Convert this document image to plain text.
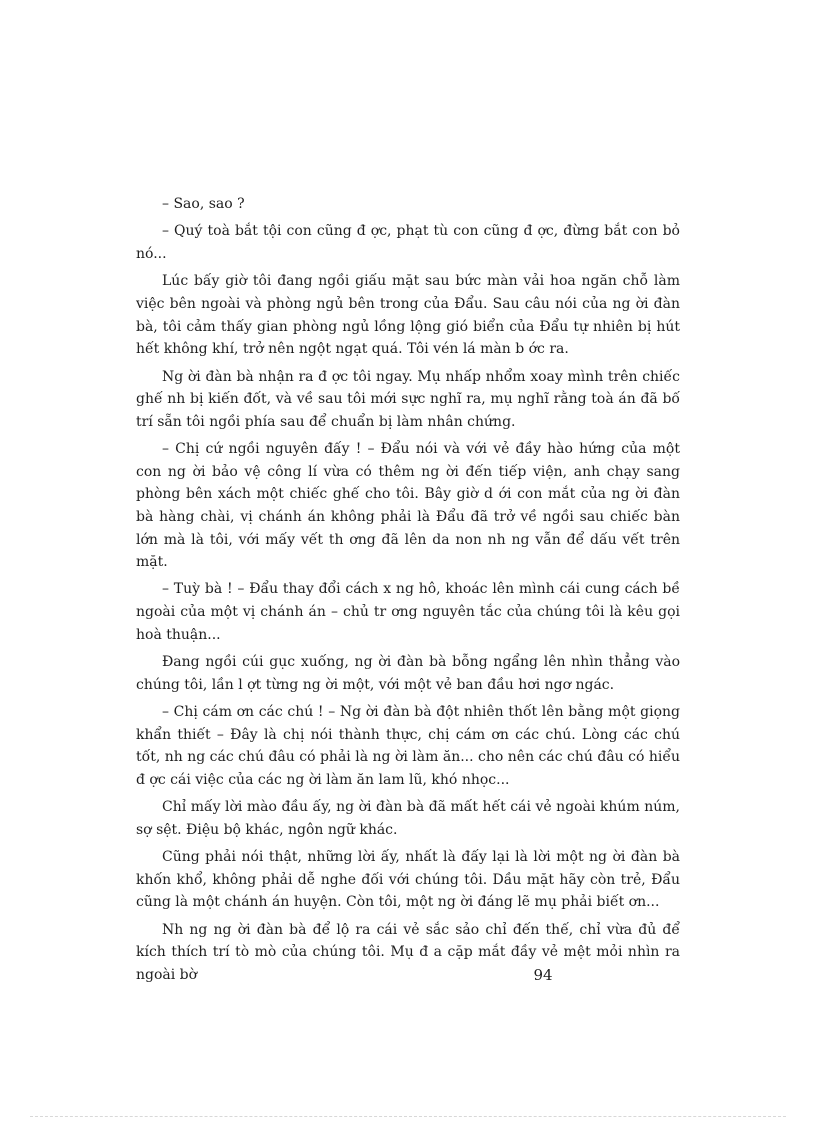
– Sao, sao ?

– Quý toà bắt tội con cũng đ ợc, phạt tù con cũng đ ợc, đừng bắt con bỏ nó...

Lúc bấy giờ tôi đang ngồi giấu mặt sau bức màn vải hoa ngăn chỗ làm việc bên ngoài và phòng ngủ bên trong của Đẩu. Sau câu nói của ng ời đàn bà, tôi cảm thấy gian phòng ngủ lồng lộng gió biển của Đẩu tự nhiên bị hút hết không khí, trở nên ngột ngạt quá. Tôi vén lá màn b ớc ra.

Ng ời đàn bà nhận ra đ ợc tôi ngay. Mụ nhấp nhổm xoay mình trên chiếc ghế nh bị kiến đốt, và về sau tôi mới sực nghĩ ra, mụ nghĩ rằng toà án đã bố trí sẵn tôi ngồi phía sau để chuẩn bị làm nhân chứng.

– Chị cứ ngồi nguyên đấy ! – Đẩu nói và với vẻ đầy hào hứng của một con ng ời bảo vệ công lí vừa có thêm ng ời đến tiếp viện, anh chạy sang phòng bên xách một chiếc ghế cho tôi. Bây giờ d ới con mắt của ng ời đàn bà hàng chài, vị chánh án không phải là Đẩu đã trở về ngồi sau chiếc bàn lớn mà là tôi, với mấy vết th ơng đã lên da non nh ng vẫn để dấu vết trên mặt.

– Tuỳ bà ! – Đẩu thay đổi cách x ng hô, khoác lên mình cái cung cách bề ngoài của một vị chánh án – chủ tr ơng nguyên tắc của chúng tôi là kêu gọi hoà thuận...

Đang ngồi cúi gục xuống, ng ời đàn bà bỗng ngẩng lên nhìn thẳng vào chúng tôi, lần l ợt từng ng ời một, với một vẻ ban đầu hơi ngơ ngác.

– Chị cám ơn các chú ! – Ng ời đàn bà đột nhiên thốt lên bằng một giọng khẩn thiết – Đây là chị nói thành thực, chị cám ơn các chú. Lòng các chú tốt, nh ng các chú đâu có phải là ng ời làm ăn... cho nên các chú đâu có hiểu đ ợc cái việc của các ng ời làm ăn lam lũ, khó nhọc...

Chỉ mấy lời mào đầu ấy, ng ời đàn bà đã mất hết cái vẻ ngoài khúm núm, sợ sệt. Điệu bộ khác, ngôn ngữ khác.

Cũng phải nói thật, những lời ấy, nhất là đấy lại là lời một ng ời đàn bà khốn khổ, không phải dễ nghe đối với chúng tôi. Dầu mặt hãy còn trẻ, Đẩu cũng là một chánh án huyện. Còn tôi, một ng ời đáng lẽ mụ phải biết ơn...

Nh ng ng ời đàn bà để lộ ra cái vẻ sắc sảo chỉ đến thế, chỉ vừa đủ để kích thích trí tò mò của chúng tôi. Mụ đ a cặp mắt đầy vẻ mệt mỏi nhìn ra ngoài bờ	94
